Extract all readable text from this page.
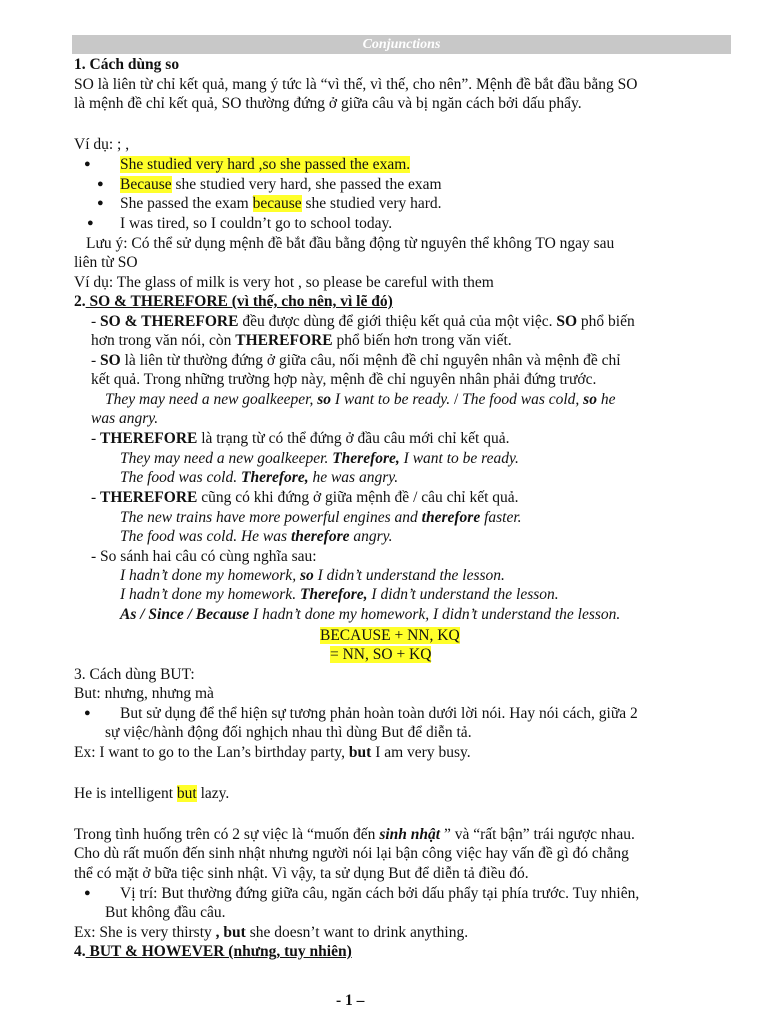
Conjunctions
1. Cách dùng so
SO là liên từ chỉ kết quả, mang ý tức là “vì thế, vì thế, cho nên”. Mệnh đề bắt đầu bằng SO
là mệnh đề chỉ kết quả, SO thường đứng ở giữa câu và bị ngăn cách bởi dấu phẩy.
Ví dụ: ; ,
● She studied very hard ,so she passed the exam.
● Because she studied very hard, she passed the exam
● She passed the exam because she studied very hard.
● I was tired, so I couldn’t go to school today.
Lưu ý: Có thể sử dụng mệnh đề bắt đầu bằng động từ nguyên thể không TO ngay sau
liên từ SO
Ví dụ: The glass of milk is very hot , so please be careful with them
2. SO & THEREFORE (vì thế, cho nên, vì lẽ đó)
- SO & THEREFORE đều được dùng để giới thiệu kết quả của một việc. SO phổ biến
hơn trong văn nói, còn THEREFORE phổ biến hơn trong văn viết.
- SO là liên từ thường đứng ở giữa câu, nối mệnh đề chỉ nguyên nhân và mệnh đề chỉ
kết quả. Trong những trường hợp này, mệnh đề chỉ nguyên nhân phải đứng trước.
They may need a new goalkeeper, so I want to be ready. / The food was cold, so he
was angry.
- THEREFORE là trạng từ có thể đứng ở đầu câu mới chỉ kết quả.
They may need a new goalkeeper. Therefore, I want to be ready.
The food was cold. Therefore, he was angry.
- THEREFORE cũng có khi đứng ở giữa mệnh đề / câu chỉ kết quả.
The new trains have more powerful engines and therefore faster.
The food was cold. He was therefore angry.
- So sánh hai câu có cùng nghĩa sau:
I hadn’t done my homework, so I didn’t understand the lesson.
I hadn’t done my homework. Therefore, I didn’t understand the lesson.
As / Since / Because I hadn’t done my homework, I didn’t understand the lesson.
BECAUSE + NN, KQ
= NN, SO + KQ
3. Cách dùng BUT:
But: nhưng, nhưng mà
● But sử dụng để thể hiện sự tương phản hoàn toàn dưới lời nói. Hay nói cách, giữa 2
sự việc/hành động đối nghịch nhau thì dùng But để diễn tả.
Ex: I want to go to the Lan’s birthday party, but I am very busy.
He is intelligent but lazy.
Trong tình huống trên có 2 sự việc là “muốn đến sinh nhật ” và “rất bận” trái ngược nhau.
Cho dù rất muốn đến sinh nhật nhưng người nói lại bận công việc hay vấn đề gì đó chẳng
thể có mặt ở bữa tiệc sinh nhật. Vì vậy, ta sử dụng But để diễn tả điều đó.
● Vị trí: But thường đứng giữa câu, ngăn cách bởi dấu phẩy tại phía trước. Tuy nhiên,
But không đầu câu.
Ex: She is very thirsty , but she doesn’t want to drink anything.
4. BUT & HOWEVER (nhưng, tuy nhiên)
- 1 –
